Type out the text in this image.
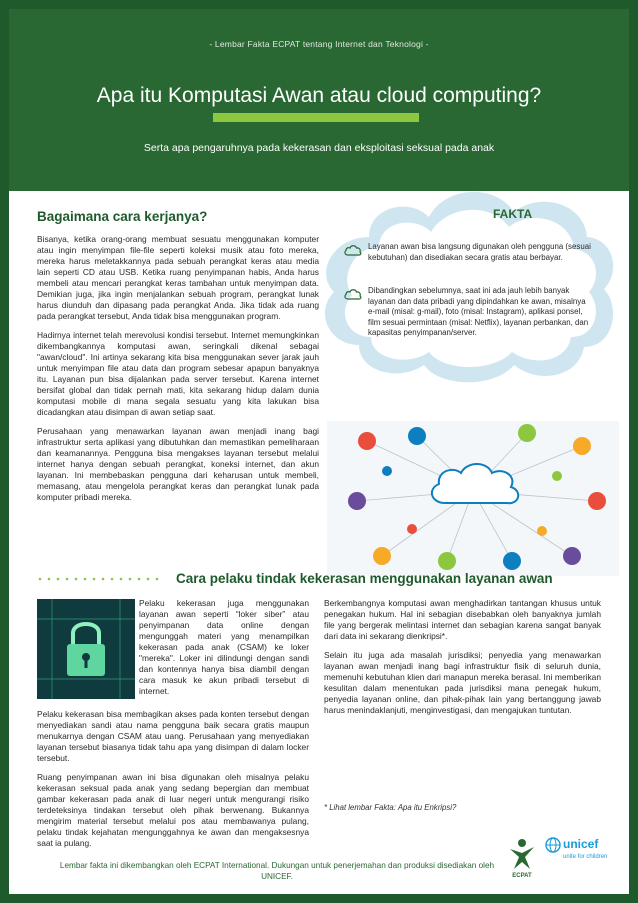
- Lembar Fakta ECPAT tentang Internet dan Teknologi -
Apa itu Komputasi Awan atau cloud computing?
Serta apa pengaruhnya pada kekerasan dan eksploitasi seksual pada anak
FAKTA

Layanan awan bisa langsung digunakan oleh pengguna (sesuai kebutuhan) dan disediakan secara gratis atau berbayar.

Dibandingkan sebelumnya, saat ini ada jauh lebih banyak layanan dan data pribadi yang dipindahkan ke awan, misalnya e-mail (misal: g-mail), foto (misal: Instagram), aplikasi ponsel, film sesuai permintaan (misal: Netflix), layanan perbankan, dan kapasitas penyimpanan/server.

Bagaimana cara kerjanya?

Bisanya, ketika orang-orang membuat sesuatu menggunakan komputer atau ingin menyimpan file-file seperti koleksi musik atau foto mereka, mereka harus meletakkannya pada sebuah perangkat keras atau media lain seperti CD atau USB. Ketika ruang penyimpanan habis, Anda harus membeli atau mencari perangkat keras tambahan untuk menyimpan data. Demikian juga, jika ingin menjalankan sebuah program, perangkat lunak harus diunduh dan dipasang pada perangkat Anda. Jika tidak ada ruang pada perangkat tersebut, Anda tidak bisa menggunakan program.

Hadirnya internet telah merevolusi kondisi tersebut. Internet memungkinkan dikembangkannya komputasi awan, seringkali dikenal sebagai "awan/cloud". Ini artinya sekarang kita bisa menggunakan sever jarak jauh untuk menyimpan file atau data dan program sebesar apapun banyaknya itu. Layanan pun bisa dijalankan pada server tersebut. Karena internet bersifat global dan tidak pernah mati, kita sekarang hidup dalam dunia komputasi mobile di mana segala sesuatu yang kita lakukan bisa dicadangkan atau disimpan di awan setiap saat.

Perusahaan yang menawarkan layanan awan menjadi inang bagi infrastruktur serta aplikasi yang dibutuhkan dan memastikan pemeliharaan dan keamanannya. Pengguna bisa mengakses layanan tersebut melalui internet hanya dengan sebuah perangkat, koneksi internet, dan akun layanan. Ini membebaskan pengguna dari keharusan untuk membeli, memasang, atau mengelola perangkat keras dan perangkat lunak pada komputer pribadi mereka.

Cara pelaku tindak kekerasan menggunakan layanan awan

Pelaku kekerasan juga menggunakan layanan awan seperti “loker siber” atau penyimpanan data online dengan mengunggah materi yang menampilkan kekerasan pada anak (CSAM) ke loker "mereka". Loker ini dilindungi dengan sandi dan kontennya hanya bisa diambil dengan cara masuk ke akun pribadi tersebut di internet.

Pelaku kekerasan bisa membagikan akses pada konten tersebut dengan menyediakan sandi atau nama pengguna baik secara gratis maupun menukarnya dengan CSAM atau uang. Perusahaan yang menyediakan layanan tersebut biasanya tidak tahu apa yang disimpan di dalam locker tersebut.

Ruang penyimpanan awan ini bisa digunakan oleh misalnya pelaku kekerasan seksual pada anak yang sedang bepergian dan membuat gambar kekerasan pada anak di luar negeri untuk mengurangi risiko terdeteksinya tindakan tersebut oleh pihak berwenang. Bukannya mengirim material tersebut melalui pos atau membawanya pulang, pelaku tindak kejahatan mengunggahnya ke awan dan mengaksesnya saat ia pulang.

Berkembangnya komputasi awan menghadirkan tantangan khusus untuk penegakan hukum. Hal ini sebagian disebabkan oleh banyaknya jumlah file yang bergerak melintasi internet dan sebagian karena sangat banyak dari data ini sekarang dienkripsi*.

Selain itu juga ada masalah jurisdiksi; penyedia yang menawarkan layanan awan menjadi inang bagi infrastruktur fisik di seluruh dunia, memenuhi kebutuhan klien dari manapun mereka berasal. Ini memberikan kesulitan dalam menentukan pada jurisdiksi mana penegak hukum, penyedia layanan online, dan pihak-pihak lain yang bertanggung jawab harus menindaklanjuti, menginvestigasi, dan mengajukan tuntutan.

* Lihat lembar Fakta: Apa itu Enkripsi?
Lembar fakta ini dikembangkan oleh ECPAT International. Dukungan untuk penerjemahan dan produksi disediakan oleh UNICEF.	ECPAT
unicef
unite for children
